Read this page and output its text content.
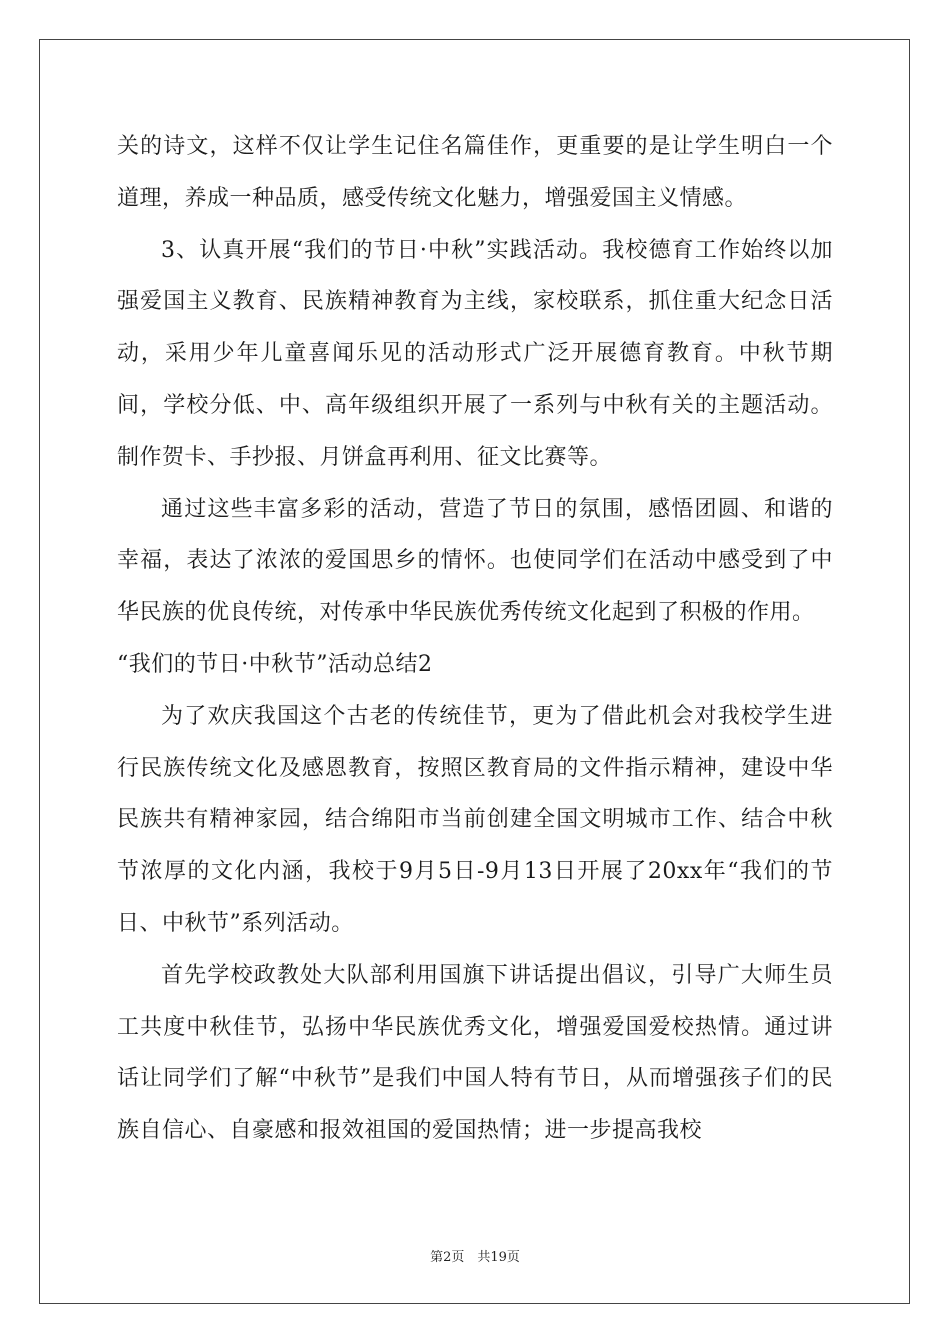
关的诗文，这样不仅让学生记住名篇佳作，更重要的是让学生明白一个道理，养成一种品质，感受传统文化魅力，增强爱国主义情感。

3、认真开展“我们的节日·中秋”实践活动。我校德育工作始终以加强爱国主义教育、民族精神教育为主线，家校联系，抓住重大纪念日活动，采用少年儿童喜闻乐见的活动形式广泛开展德育教育。中秋节期间，学校分低、中、高年级组织开展了一系列与中秋有关的主题活动。制作贺卡、手抄报、月饼盒再利用、征文比赛等。

通过这些丰富多彩的活动，营造了节日的氛围，感悟团圆、和谐的幸福，表达了浓浓的爱国思乡的情怀。也使同学们在活动中感受到了中华民族的优良传统，对传承中华民族优秀传统文化起到了积极的作用。

“我们的节日·中秋节”活动总结2

为了欢庆我国这个古老的传统佳节，更为了借此机会对我校学生进行民族传统文化及感恩教育，按照区教育局的文件指示精神，建设中华民族共有精神家园，结合绵阳市当前创建全国文明城市工作、结合中秋节浓厚的文化内涵，我校于9月5日-9月13日开展了20xx年“我们的节日、中秋节”系列活动。

首先学校政教处大队部利用国旗下讲话提出倡议，引导广大师生员工共度中秋佳节，弘扬中华民族优秀文化，增强爱国爱校热情。通过讲话让同学们了解“中秋节”是我们中国人特有节日，从而增强孩子们的民族自信心、自豪感和报效祖国的爱国热情；进一步提高我校

第2页　共19页
